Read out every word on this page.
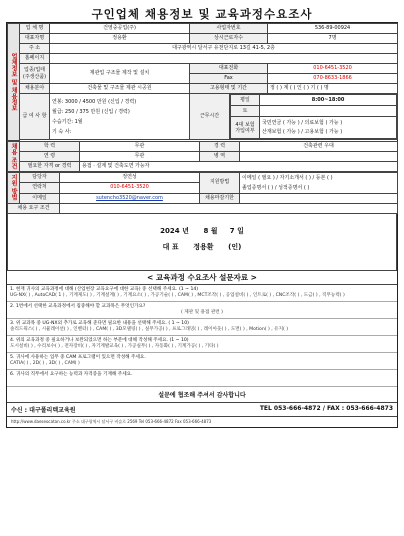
구인업체 채용정보 및 교육과정수요조사
업체정보 및 채용정보	업 체 명	건영중공업(주)	사업자번호	536-89-00924
대표자명	정용환	상시근로자수	7명
주 소	대구광역시 달서구 유천단지로 13길 41-5, 2층
홈페이지	

업종/업태
(주생산품)
	제관업 구조물 제작 및 설치	대표전화	010-6451-3520
Fax	070-8633-1866
채용분야	건축물 및 구조물 제관 시공원	고용형태 및 기간	정 ( ) 계 ( ) 인 ( ) 기 ( ) 명
급 여 사 항	
연봉: 3000 / 4500 만원 (신입 / 경력)
월급: 250 / 375 만원 (신입 / 경력)
수습기간: 1월
기 숙 사:
	근무시간	
평일	8:00~18:00
토	
4대 보험 가입여부	
국민연금 ( 가능 ) / 의료보험 ( 가능 )
산재보험 ( 가능 ) / 고용보험 ( 가능 )

채용 조건	학 력	무관	경 력	건축관련 우대
	연 령	무관	병 역	
	필요한 자격 or 경력	용접 · 설계 및 건축도면 가능자		
지원 방법	담당자	정연성	지원방법	이메일 ( 필요 ) / 자기소개서 ( ) / 등본 ( )
졸업증명서 ( ) / 성적증명서 ( )

	연락처	010-6451-3520		
	이메일	sutencho3520@naver.com	채용마감기한	
채용 요구 조건				
2024 년 8 월 7 일
대 표 정용환 (인)
< 교육과정 수요조사 설문자료 >
1. 현재 귀사의 교육과정에 대해 (산업현장 교육요구에 대한 교육) 중 선택해 주세요. (1 ~ 14)
UG-NX( ) , AutoCAD( 1 ) , 기계제도( ) , 기계설계( ) , 기계요소( ) , 가공기술( ) , CAM( ) , MCT조작( ) , 공업설비( ) , 인트로( ) , CNC조작( ) , 도금( ) , 직무능력( )
2. 1번에서 선택한 교육과정에서 집중해야 할 교과목은 무엇인가요?
( 제관 및 용접 관련 )
3. 위 교과목 중 UG-NX외 추가로 교육해 준다면 필요한 내용을 선택해 주세요. ( 1 ~ 10)
솔리드웍스( ) , 시뮬레이션( ) , 인벤터( ) , CAM( ) , 3D모델링( ) , 실무가공( ) , 프로그래밍( ) , 레이아웃( ) , 도면( ) , Motion( ) , 유지( )
4. 위의 교육과정 중 필요하거나 보완되었으면 하는 부분에 대해 작성해 주세요. (1 ~ 10)
도시설비( ) , 수리보수( ) , 전자장비( ) , 자기계발교육( ) , 가공실무( ) , 자동화( ) , 기계가공( ) , 기타( )
5. 귀사에 사용하는 업무 중 CAM 프로그램이 있으면 작성해 주세요.
CATIA( ) , 2D( ) , 3D( ) , CAM( )
6. 귀사의 직무에서 요구하는 능력과 자격증을 기재해 주세요.
설문에 협조해 주셔서 감사합니다
수신 : 대구폴리텍교육원	TEL 053-666-4872 / FAX : 053-666-4873
http://www.daeseocatan.co.kr 주소 대구광역시 달서구 비슬로 2569 Tel 053-666-4872 Fax 053-666-4873
